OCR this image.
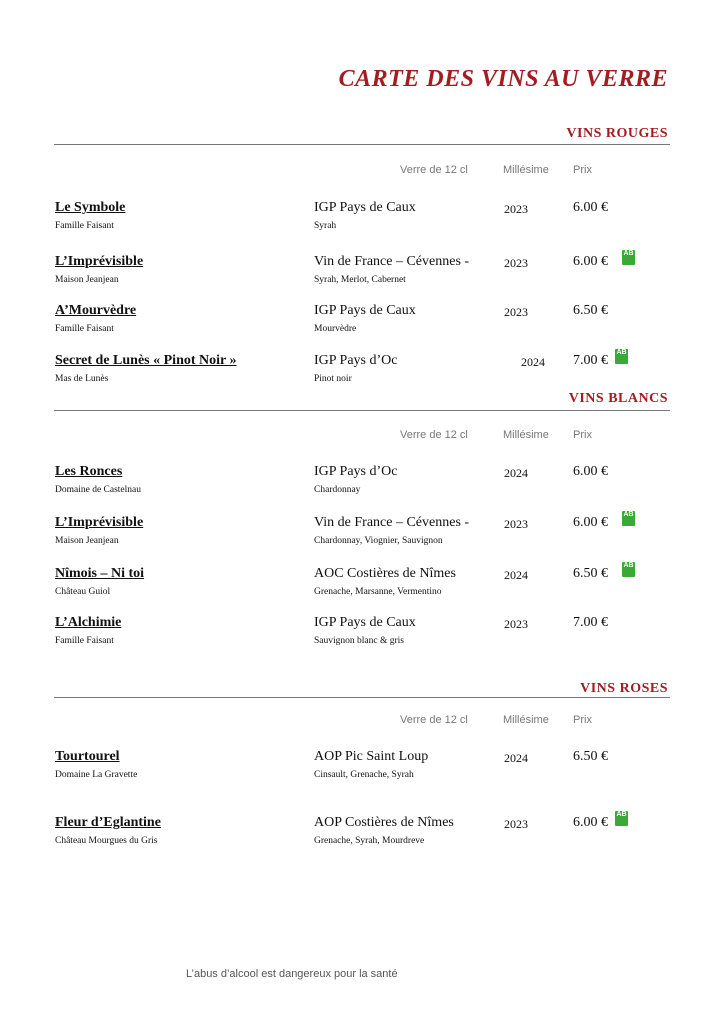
CARTE DES VINS AU VERRE
VINS ROUGES
Verre de 12 cl	Millésime Prix
Le Symbole
Famille Faisant
IGP Pays de Caux
Syrah
2023	6.00 €
L’Imprévisible
Maison Jeanjean
Vin de France – Cévennes -
Syrah, Merlot, Cabernet
2023	6.00 €
AB
A’Mourvèdre
Famille Faisant
IGP Pays de Caux
Mourvèdre
2023	6.50 €
Secret de Lunès « Pinot Noir »
Mas de Lunès
IGP Pays d’Oc
Pinot noir
2024 7.00 €
AB
VINS BLANCS
Verre de 12 cl	Millésime Prix
Les Ronces
Domaine de Castelnau
IGP Pays d’Oc
Chardonnay
2024	6.00 €
L’Imprévisible
Maison Jeanjean
Vin de France – Cévennes -
Chardonnay, Viognier, Sauvignon
2023	6.00 €
AB
Nîmois – Ni toi
Château Guiol
AOC Costières de Nîmes
Grenache, Marsanne, Vermentino
2024	6.50 €
AB
L’Alchimie
Famille Faisant
IGP Pays de Caux
Sauvignon blanc & gris
2023	7.00 €
VINS ROSES
Verre de 12 cl	Millésime Prix
Tourtourel
Domaine La Gravette
AOP Pic Saint Loup
Cinsault, Grenache, Syrah
2024	6.50 €
Fleur d’Eglantine
Château Mourgues du Gris
AOP Costières de Nîmes
Grenache, Syrah, Mourdreve
2023	6.00 €
AB
L’abus d’alcool est dangereux pour la santé
